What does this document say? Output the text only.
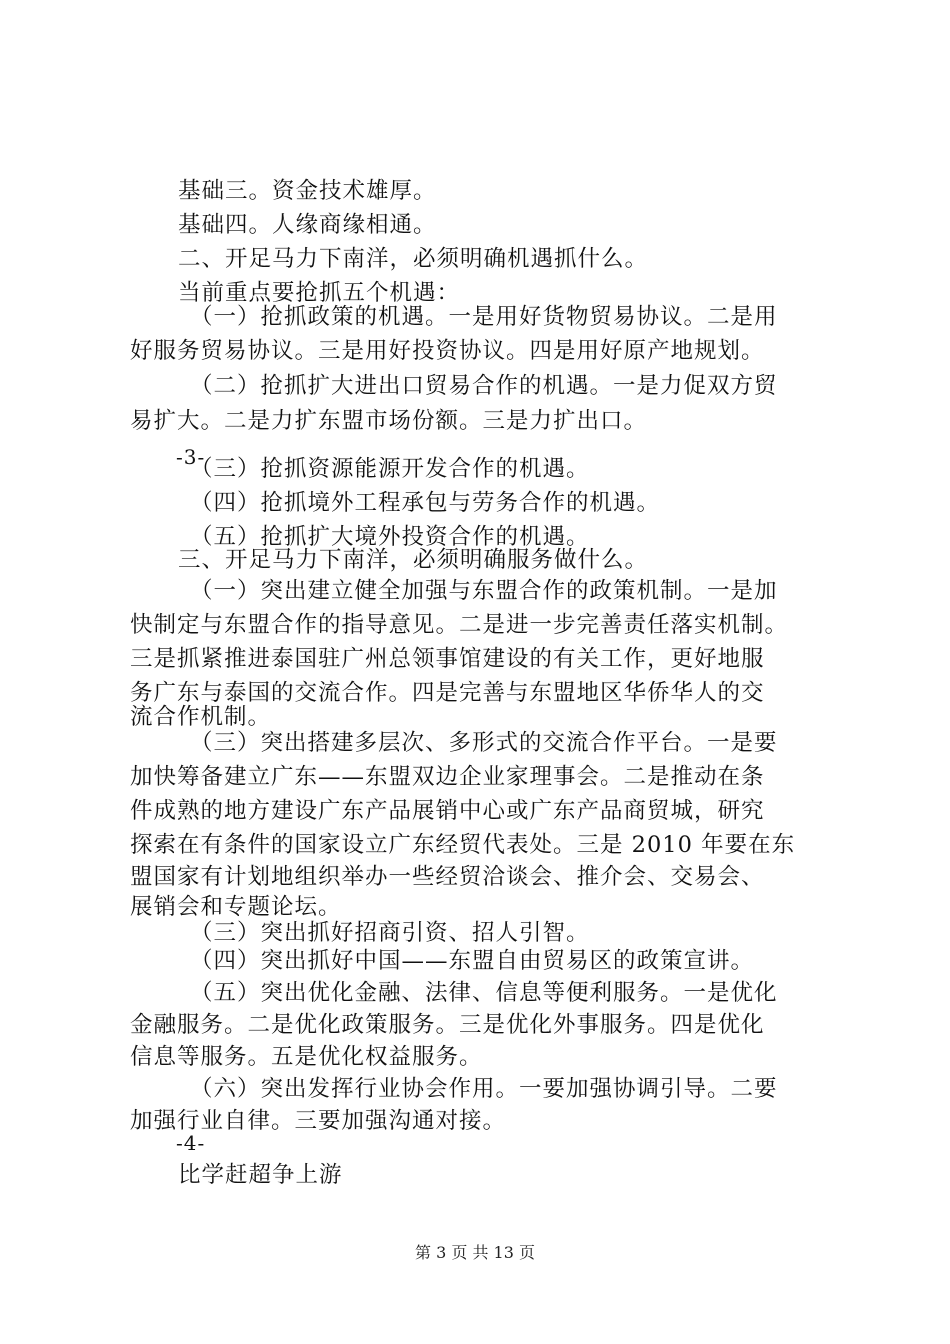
基础三。资金技术雄厚。
基础四。人缘商缘相通。
二、开足马力下南洋，必须明确机遇抓什么。
当前重点要抢抓五个机遇：
（一）抢抓政策的机遇。一是用好货物贸易协议。二是用
好服务贸易协议。三是用好投资协议。四是用好原产地规划。
（二）抢抓扩大进出口贸易合作的机遇。一是力促双方贸
易扩大。二是力扩东盟市场份额。三是力扩出口。
-3-
（三）抢抓资源能源开发合作的机遇。
（四）抢抓境外工程承包与劳务合作的机遇。
（五）抢抓扩大境外投资合作的机遇。
三、开足马力下南洋，必须明确服务做什么。
（一）突出建立健全加强与东盟合作的政策机制。一是加
快制定与东盟合作的指导意见。二是进一步完善责任落实机制。
三是抓紧推进泰国驻广州总领事馆建设的有关工作，更好地服
务广东与泰国的交流合作。四是完善与东盟地区华侨华人的交
流合作机制。
（三）突出搭建多层次、多形式的交流合作平台。一是要
加快筹备建立广东——东盟双边企业家理事会。二是推动在条
件成熟的地方建设广东产品展销中心或广东产品商贸城，研究
探索在有条件的国家设立广东经贸代表处。三是 2010 年要在东
盟国家有计划地组织举办一些经贸洽谈会、推介会、交易会、
展销会和专题论坛。
（三）突出抓好招商引资、招人引智。
（四）突出抓好中国——东盟自由贸易区的政策宣讲。
（五）突出优化金融、法律、信息等便利服务。一是优化
金融服务。二是优化政策服务。三是优化外事服务。四是优化
信息等服务。五是优化权益服务。
（六）突出发挥行业协会作用。一要加强协调引导。二要
加强行业自律。三要加强沟通对接。
-4-
比学赶超争上游
第 3 页 共 13 页
